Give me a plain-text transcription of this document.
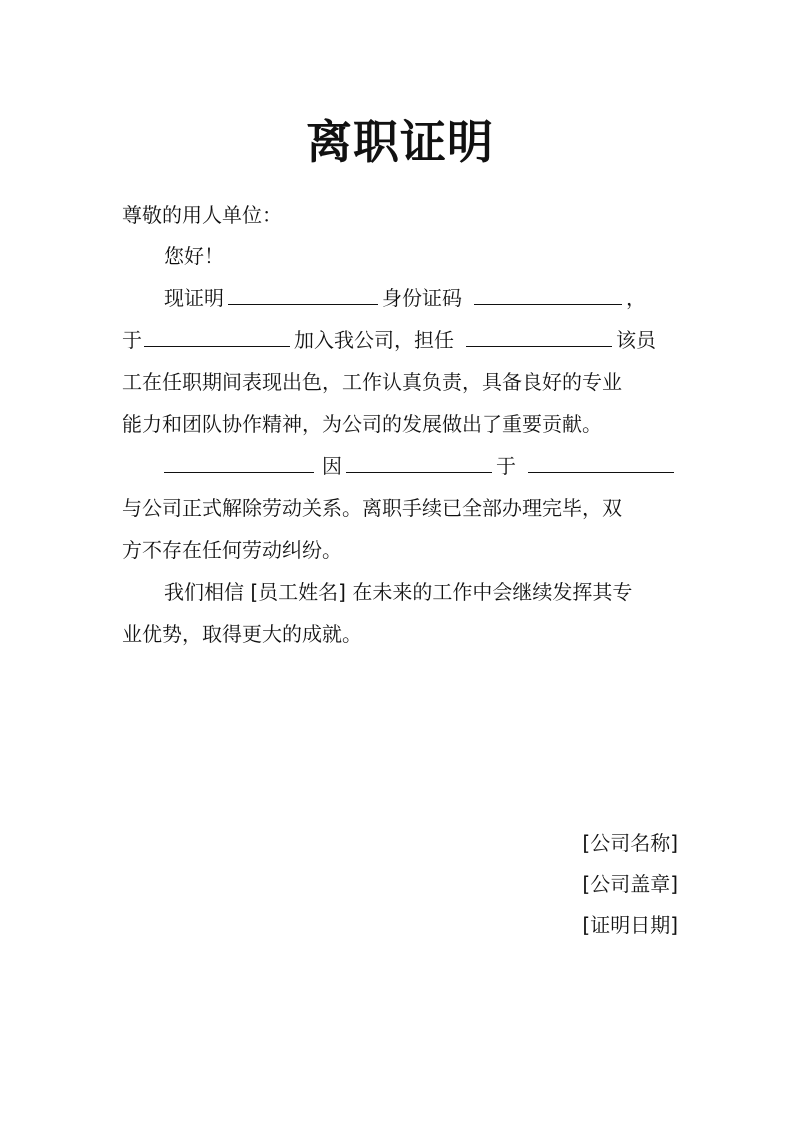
离职证明
尊敬的用人单位：
您好！
现证明	身份证码	，
于	加入我公司，担任	该员
工在任职期间表现出色，工作认真负责，具备良好的专业
能力和团队协作精神，为公司的发展做出了重要贡献。
因	于
与公司正式解除劳动关系。离职手续已全部办理完毕，双
方不存在任何劳动纠纷。
我们相信 [员工姓名] 在未来的工作中会继续发挥其专
业优势，取得更大的成就。
[公司名称]
[公司盖章]
[证明日期]
